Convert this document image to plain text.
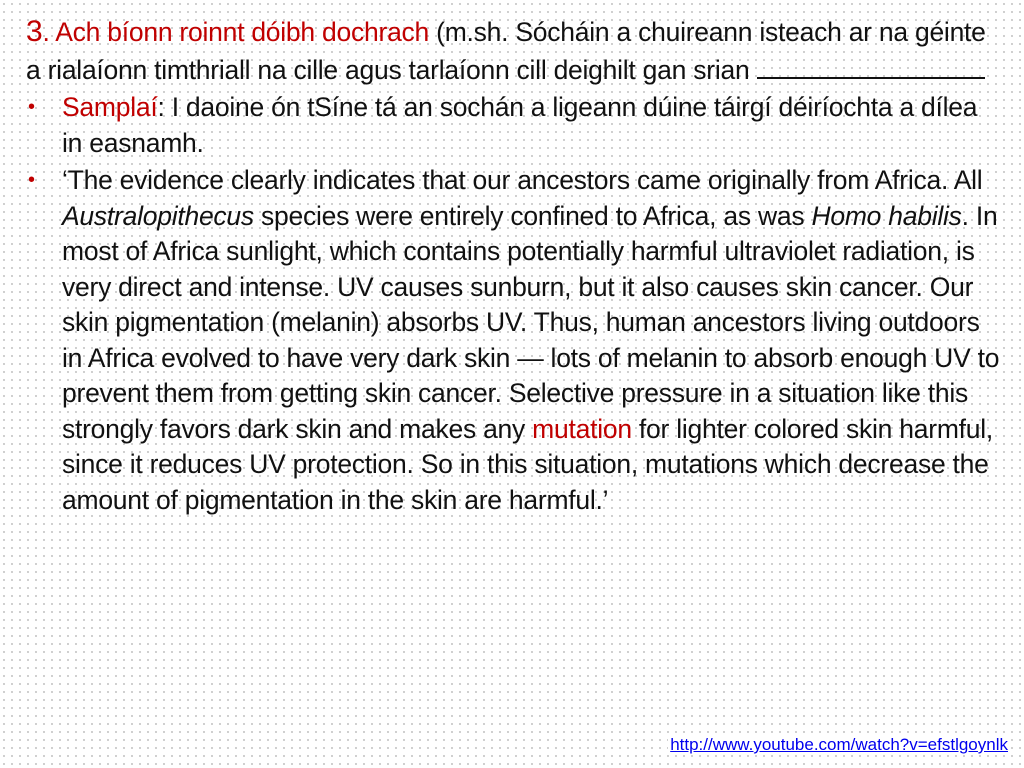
3. Ach bíonn roinnt dóibh dochrach (m.sh. Sócháin a chuireann isteach ar na géinte a rialaíonn timthriall na cille agus tarlaíonn cill deighilt gan srian

• Samplaí: I daoine ón tSíne tá an sochán a ligeann dúine táirgí déiríochta a dílea in easnamh.
• ‘The evidence clearly indicates that our ancestors came originally from Africa. All Australopithecus species were entirely confined to Africa, as was Homo habilis. In most of Africa sunlight, which contains potentially harmful ultraviolet radiation, is very direct and intense. UV causes sunburn, but it also causes skin cancer. Our skin pigmentation (melanin) absorbs UV. Thus, human ancestors living outdoors in Africa evolved to have very dark skin — lots of melanin to absorb enough UV to prevent them from getting skin cancer. Selective pressure in a situation like this strongly favors dark skin and makes any mutation for lighter colored skin harmful, since it reduces UV protection. So in this situation, mutations which decrease the amount of pigmentation in the skin are harmful.’
http://www.youtube.com/watch?v=efstlgoynlk
